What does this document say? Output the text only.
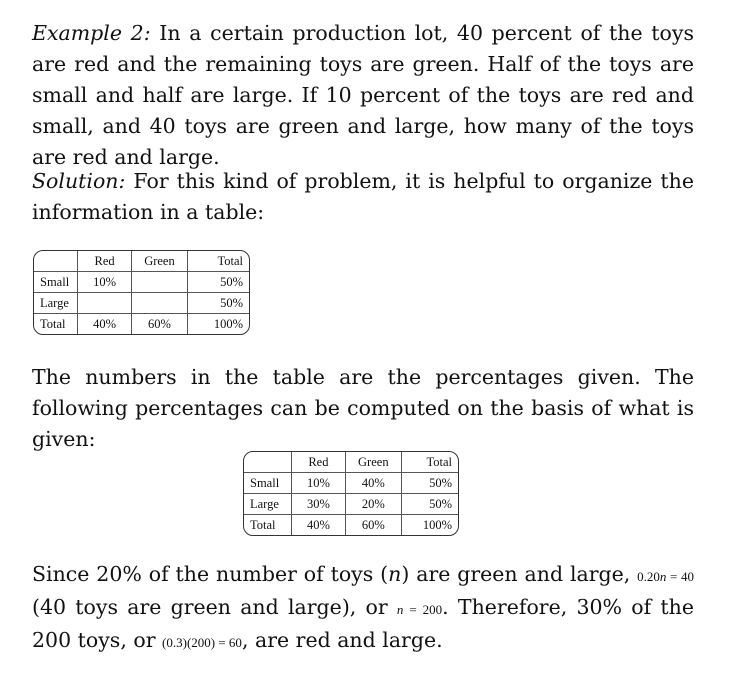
Example 2: In a certain production lot, 40 percent of the toys are red and the remaining toys are green. Half of the toys are small and half are large. If 10 percent of the toys are red and small, and 40 toys are green and large, how many of the toys are red and large.

Solution: For this kind of problem, it is helpful to organize the information in a table:

	Red	Green	Total
Small	10%		50%
Large			50%
Total	40%	60%	100%

The numbers in the table are the percentages given. The following percentages can be computed on the basis of what is given:

	Red	Green	Total
Small	10%	40%	50%
Large	30%	20%	50%
Total	40%	60%	100%

Since 20% of the number of toys (n) are green and large, 0.20n = 40 (40 toys are green and large), or n = 200. Therefore, 30% of the 200 toys, or (0.3)(200) = 60, are red and large.
